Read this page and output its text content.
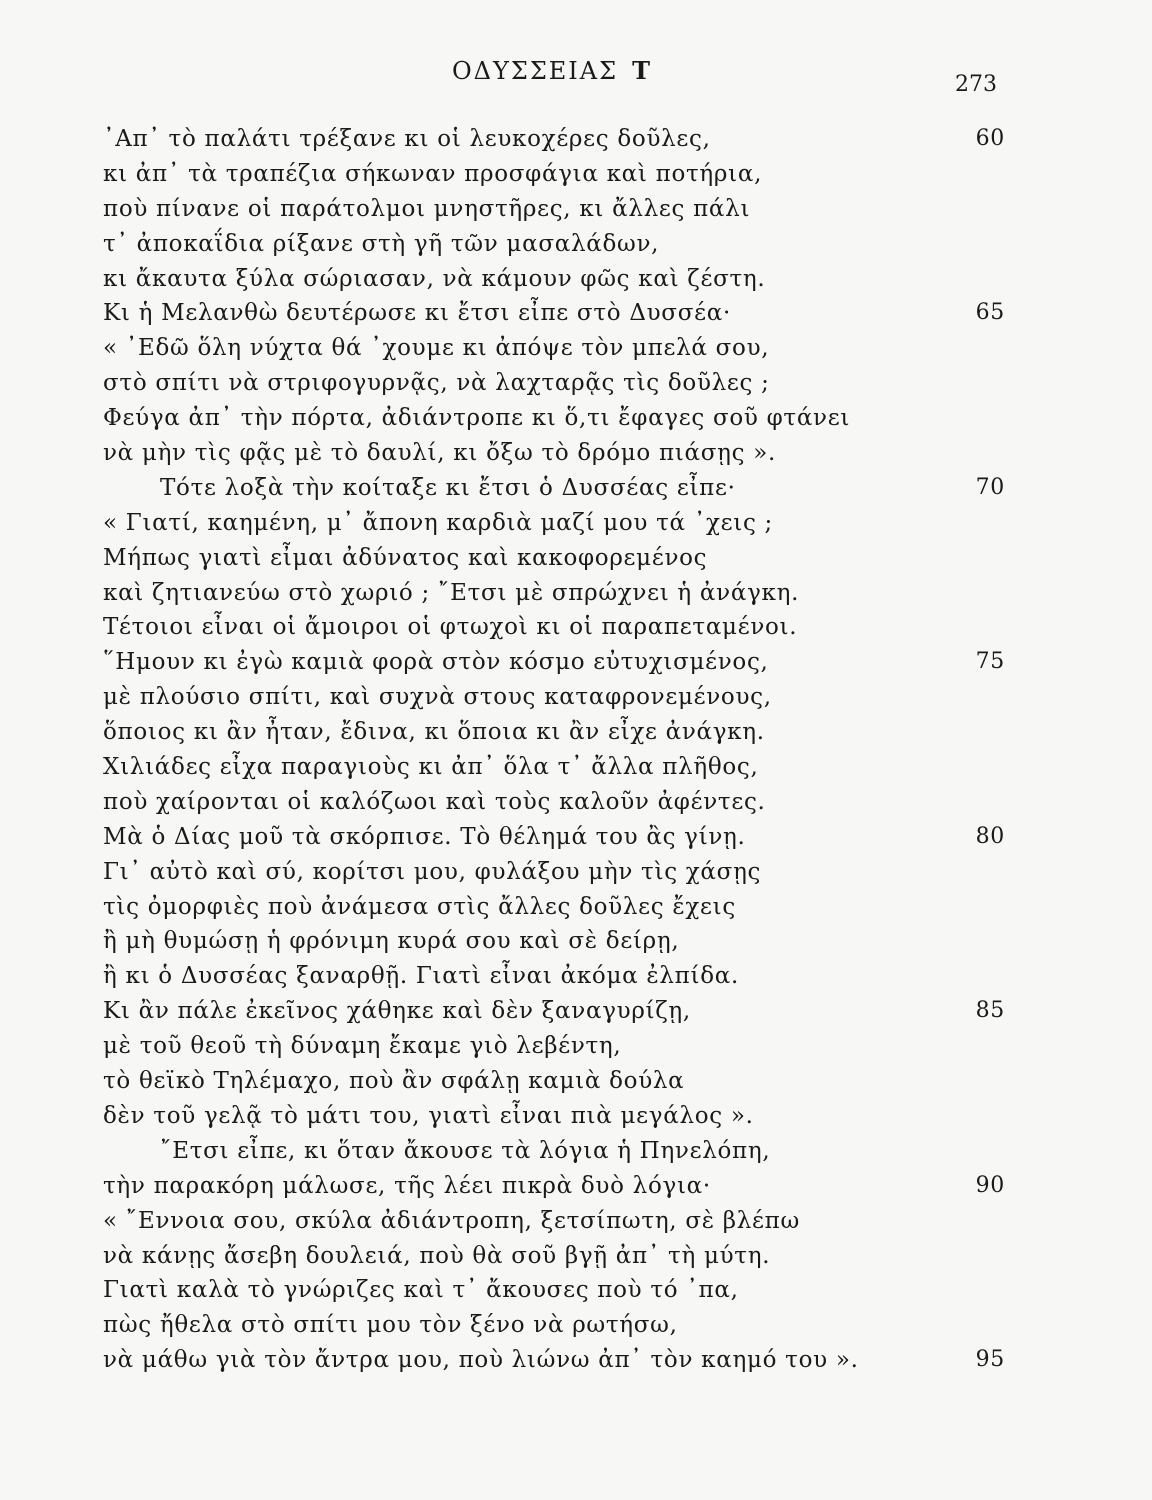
ΟΔΥΣΣΕΙΑΣ Τ	273
᾿Απ᾿ τὸ παλάτι τρέξανε κι οἱ λευκοχέρες δοῦλες,	60
κι ἀπ᾿ τὰ τραπέζια σήκωναν προσφάγια καὶ ποτήρια,
ποὺ πίνανε οἱ παράτολμοι μνηστῆρες, κι ἄλλες πάλι
τ᾿ ἀποκαΐδια ρίξανε στὴ γῆ τῶν μασαλάδων,
κι ἄκαυτα ξύλα σώριασαν, νὰ κάμουν φῶς καὶ ζέστη.
Κι ἡ Μελανθὼ δευτέρωσε κι ἔτσι εἶπε στὸ Δυσσέα·	65
« ᾿Εδῶ ὅλη νύχτα θά ᾿χουμε κι ἀπόψε τὸν μπελά σου,
στὸ σπίτι νὰ στριφογυρνᾷς, νὰ λαχταρᾷς τὶς δοῦλες ;
Φεύγα ἀπ᾿ τὴν πόρτα, ἀδιάντροπε κι ὅ,τι ἔφαγες σοῦ φτάνει
νὰ μὴν τὶς φᾷς μὲ τὸ δαυλί, κι ὄξω τὸ δρόμο πιάσῃς ».
Τότε λοξὰ τὴν κοίταξε κι ἔτσι ὁ Δυσσέας εἶπε·	70
« Γιατί, καημένη, μ᾿ ἄπονη καρδιὰ μαζί μου τά ᾿χεις ;
Μήπως γιατὶ εἶμαι ἀδύνατος καὶ κακοφορεμένος
καὶ ζητιανεύω στὸ χωριό ; ῎Ετσι μὲ σπρώχνει ἡ ἀνάγκη.
Τέτοιοι εἶναι οἱ ἄμοιροι οἱ φτωχοὶ κι οἱ παραπεταμένοι.
῞Ημουν κι ἐγὼ καμιὰ φορὰ στὸν κόσμο εὐτυχισμένος,	75
μὲ πλούσιο σπίτι, καὶ συχνὰ στους καταφρονεμένους,
ὅποιος κι ἂν ἦταν, ἔδινα, κι ὅποια κι ἂν εἶχε ἀνάγκη.
Χιλιάδες εἶχα παραγιοὺς κι ἀπ᾿ ὅλα τ᾿ ἄλλα πλῆθος,
ποὺ χαίρονται οἱ καλόζωοι καὶ τοὺς καλοῦν ἀφέντες.
Μὰ ὁ Δίας μοῦ τὰ σκόρπισε. Τὸ θέλημά του ἂς γίνῃ.	80
Γι᾿ αὐτὸ καὶ σύ, κορίτσι μου, φυλάξου μὴν τὶς χάσῃς
τὶς ὀμορφιὲς ποὺ ἀνάμεσα στὶς ἄλλες δοῦλες ἔχεις
ἢ μὴ θυμώσῃ ἡ φρόνιμη κυρά σου καὶ σὲ δείρῃ,
ἢ κι ὁ Δυσσέας ξαναρθῇ. Γιατὶ εἶναι ἀκόμα ἐλπίδα.
Κι ἂν πάλε ἐκεῖνος χάθηκε καὶ δὲν ξαναγυρίζῃ,	85
μὲ τοῦ θεοῦ τὴ δύναμη ἔκαμε γιὸ λεβέντη,
τὸ θεϊκὸ Τηλέμαχο, ποὺ ἂν σφάλῃ καμιὰ δούλα
δὲν τοῦ γελᾷ τὸ μάτι του, γιατὶ εἶναι πιὰ μεγάλος ».
῎Ετσι εἶπε, κι ὅταν ἄκουσε τὰ λόγια ἡ Πηνελόπη,
τὴν παρακόρη μάλωσε, τῆς λέει πικρὰ δυὸ λόγια·	90
« ῎Εννοια σου, σκύλα ἀδιάντροπη, ξετσίπωτη, σὲ βλέπω
νὰ κάνῃς ἄσεβη δουλειά, ποὺ θὰ σοῦ βγῇ ἀπ᾿ τὴ μύτη.
Γιατὶ καλὰ τὸ γνώριζες καὶ τ᾿ ἄκουσες ποὺ τό ᾿πα,
πὼς ἤθελα στὸ σπίτι μου τὸν ξένο νὰ ρωτήσω,
νὰ μάθω γιὰ τὸν ἄντρα μου, ποὺ λιώνω ἀπ᾿ τὸν καημό του ».	95
